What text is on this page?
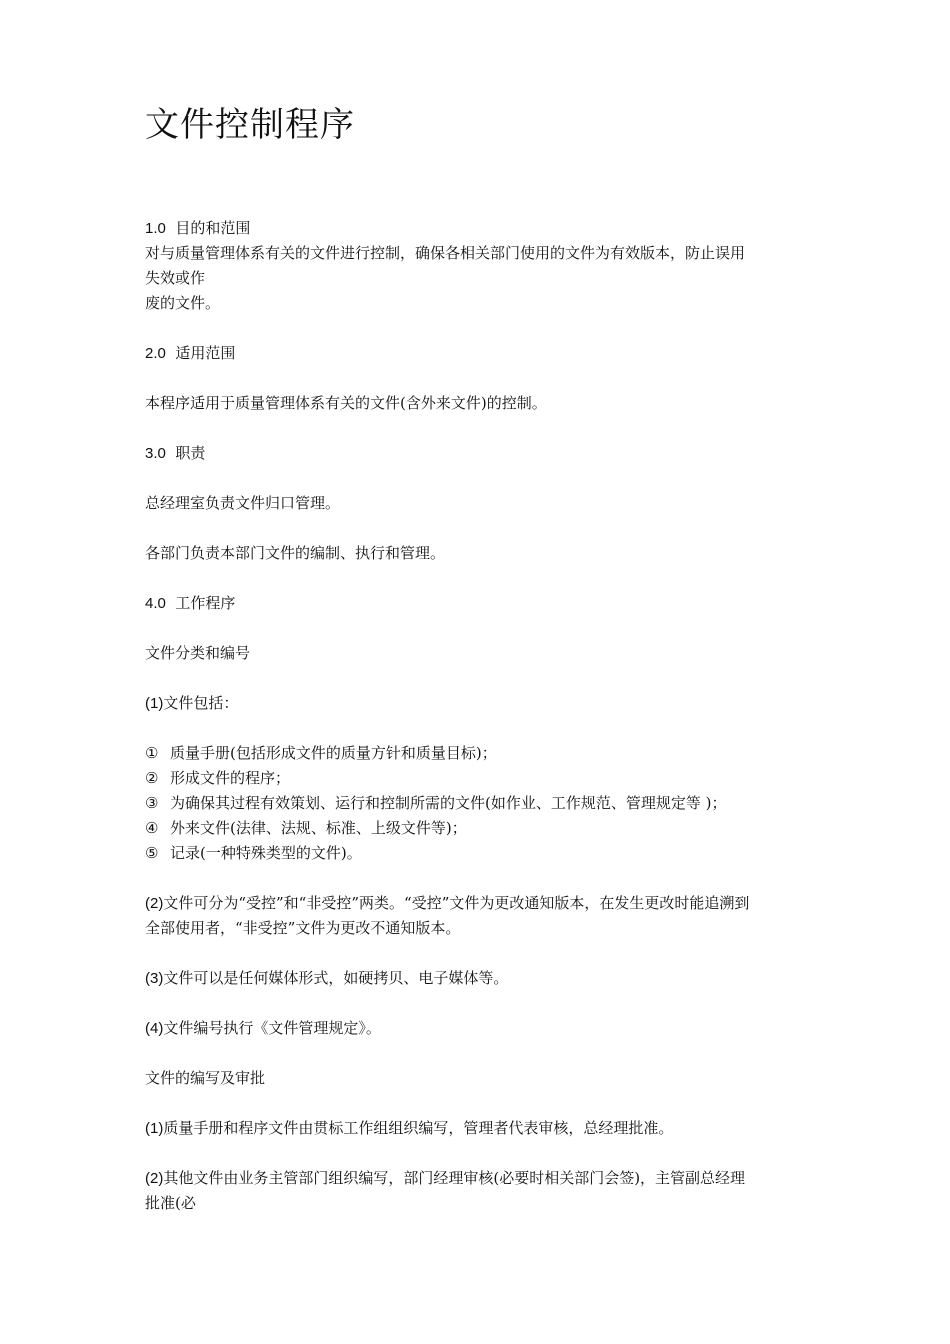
文件控制程序

1.0 目的和范围

对与质量管理体系有关的文件进行控制，确保各相关部门使用的文件为有效版本，防止误用

失效或作

废的文件。

2.0 适用范围

本程序适用于质量管理体系有关的文件(含外来文件)的控制。

3.0 职责

总经理室负责文件归口管理。

各部门负责本部门文件的编制、执行和管理。

4.0 工作程序

文件分类和编号

(1)文件包括：

① 质量手册(包括形成文件的质量方针和质量目标)；

② 形成文件的程序；

③ 为确保其过程有效策划、运行和控制所需的文件(如作业、工作规范、管理规定等 )；

④ 外来文件(法律、法规、标准、上级文件等)；

⑤ 记录(一种特殊类型的文件)。

(2)文件可分为“受控”和“非受控”两类。“受控”文件为更改通知版本，在发生更改时能追溯到

全部使用者，“非受控”文件为更改不通知版本。

(3)文件可以是任何媒体形式，如硬拷贝、电子媒体等。

(4)文件编号执行《文件管理规定》。

文件的编写及审批

(1)质量手册和程序文件由贯标工作组组织编写，管理者代表审核，总经理批准。

(2)其他文件由业务主管部门组织编写，部门经理审核(必要时相关部门会签)，主管副总经理

批准(必
